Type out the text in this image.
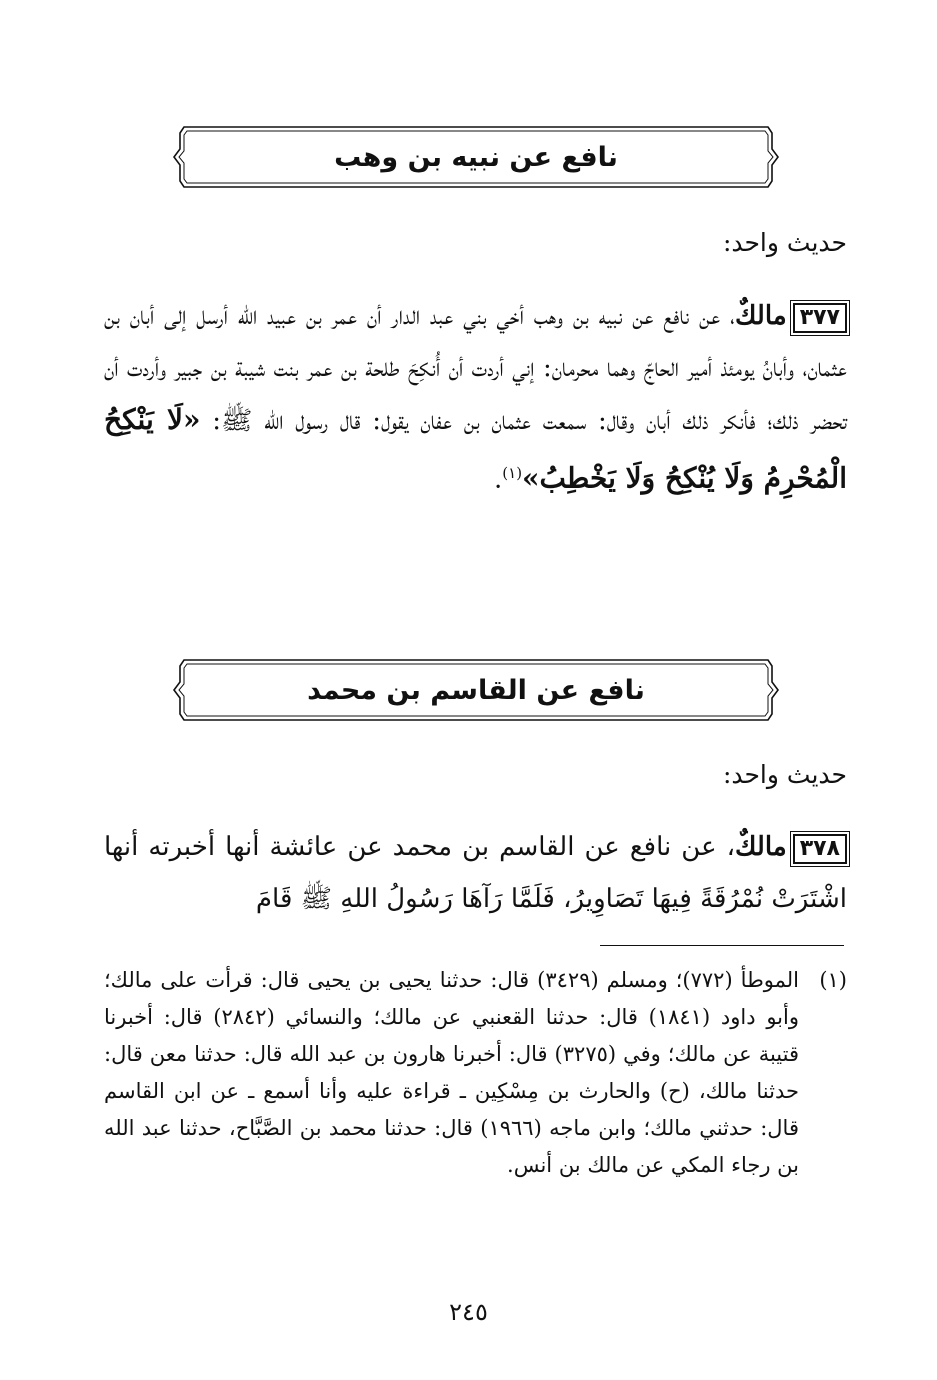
نافع عن نبيه بن وهب
حديث واحد:
٣٧٧مالكٌ، عن نافع عن نبيه بن وهب أخي بني عبد الدار أن عمر بن عبيد الله أرسل إلى أبان بن عثمان، وأبانُ يومئذ أمير الحاجّ وهما محرمان: إني أردت أن أُنكِحَ طلحة بن عمر بنت شيبة بن جبير وأردت أن تحضر ذلك؛ فأنكر ذلك أبان وقال: سمعت عثمان بن عفان يقول: قال رسول الله ﷺ: «لَا يَنْكِحُ الْمُحْرِمُ وَلَا يُنْكِحُ وَلَا يَخْطِبُ»$^{(١)}$.
نافع عن القاسم بن محمد
حديث واحد:
٣٧٨مالكٌ، عن نافع عن القاسم بن محمد عن عائشة أنها أخبرته أنها اشْتَرَتْ نُمْرُقَةً فِيهَا تَصَاوِيرُ، فَلَمَّا رَآهَا رَسُولُ اللهِ ﷺ قَامَ
(١)
الموطأ (٧٧٢)؛ ومسلم (٣٤٢٩) قال: حدثنا يحيى بن يحيى قال: قرأت على مالك؛ وأبو داود (١٨٤١) قال: حدثنا القعنبي عن مالك؛ والنسائي (٢٨٤٢) قال: أخبرنا قتيبة عن مالك؛ وفي (٣٢٧٥) قال: أخبرنا هارون بن عبد الله قال: حدثنا معن قال: حدثنا مالك، (ح) والحارث بن مِسْكِين ـ قراءة عليه وأنا أسمع ـ عن ابن القاسم قال: حدثني مالك؛ وابن ماجه (١٩٦٦) قال: حدثنا محمد بن الصَّبَّاح، حدثنا عبد الله بن رجاء المكي عن مالك بن أنس.
٢٤٥
